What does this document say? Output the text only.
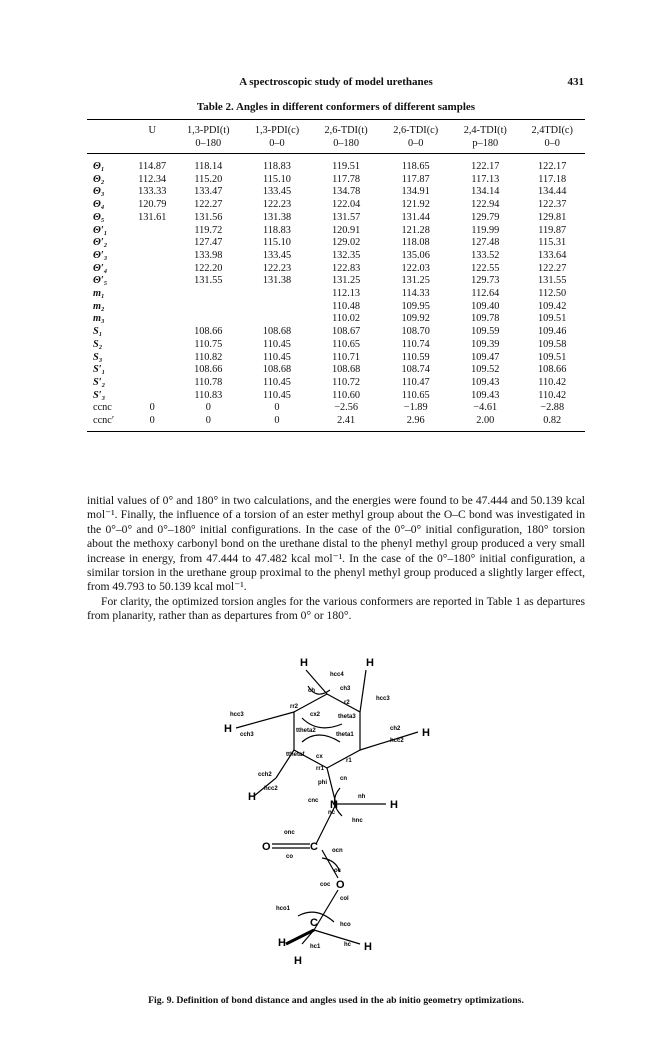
A spectroscopic study of model urethanes	431
Table 2. Angles in different conformers of different samples
	U	1,3-PDI(t)	1,3-PDI(c)	2,6-TDI(t)	2,6-TDI(c)	2,4-TDI(t)	2,4TDI(c)
		0–180	0–0	0–180	0–0	p–180	0–0
Θ₁	114.87	118.14	118.83	119.51	118.65	122.17	122.17
Θ₂	112.34	115.20	115.10	117.78	117.87	117.13	117.18
Θ₃	133.33	133.47	133.45	134.78	134.91	134.14	134.44
Θ₄	120.79	122.27	122.23	122.04	121.92	122.94	122.37
Θ₅	131.61	131.56	131.38	131.57	131.44	129.79	129.81
Θ′₁		119.72	118.83	120.91	121.28	119.99	119.87
Θ′₂		127.47	115.10	129.02	118.08	127.48	115.31
Θ′₃		133.98	133.45	132.35	135.06	133.52	133.64
Θ′₄		122.20	122.23	122.83	122.03	122.55	122.27
Θ′₅		131.55	131.38	131.25	131.25	129.73	131.55
m₁				112.13	114.33	112.64	112.50
m₂				110.48	109.95	109.40	109.42
m₃				110.02	109.92	109.78	109.51
S₁		108.66	108.68	108.67	108.70	109.59	109.46
S₂		110.75	110.45	110.65	110.74	109.39	109.58
S₃		110.82	110.45	110.71	110.59	109.47	109.51
S′₁		108.66	108.68	108.68	108.74	109.52	108.66
S′₂		110.78	110.45	110.72	110.47	109.43	110.42
S′₃		110.83	110.45	110.60	110.65	109.43	110.42
ccnc	0	0	0	−2.56	−1.89	−4.61	−2.88
ccnc′	0	0	0	2.41	2.96	2.00	0.82

initial values of 0° and 180° in two calculations, and the energies were found to be 47.444 and 50.139 kcal mol⁻¹. Finally, the influence of a torsion of an ester methyl group about the O–C bond was investigated in the 0°–0° and 0°–180° initial configurations. In the case of the 0°–0° initial configuration, 180° torsion about the methoxy carbonyl bond on the urethane distal to the phenyl methyl group produced a very small increase in energy, from 47.444 to 47.482 kcal mol⁻¹. In the case of the 0°–180° initial configuration, a similar torsion in the urethane group proximal to the phenyl methyl group produced a slightly larger effect, from 49.793 to 50.139 kcal mol⁻¹.

For clarity, the optimized torsion angles for the various conformers are reported in Table 1 as departures from planarity, rather than as departures from 0° or 180°.

H	H
H	H
H
N	H
C
O
O
C
H	H
H
hcc4
ch	ch3
r2
hcc3
rr2
hcc3	cx2	theta3
cch3
ttheta2
theta1
ch2
hcc2
tthetaf cx
r1
rr1
cch2
phi
cn
hcc2
cnc
nc
nh
hnc
onc
co
ocn
oc
coc
col
hco1
hco
hc1	hc
Fig. 9. Definition of bond distance and angles used in the ab initio geometry optimizations.
